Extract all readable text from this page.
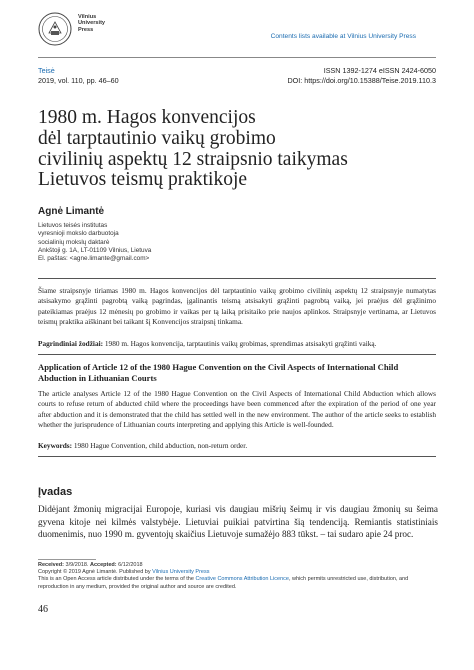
Vilnius
University
Press
Contents lists available at Vilnius University Press
Teisė
2019, vol. 110, pp. 46–60
ISSN 1392-1274 eISSN 2424-6050
DOI: https://doi.org/10.15388/Teise.2019.110.3
1980 m. Hagos konvencijos
dėl tarptautinio vaikų grobimo
civilinių aspektų 12 straipsnio taikymas
Lietuvos teismų praktikoje
Agnė Limantė
Lietuvos teisės institutas
vyresnioji mokslo darbuotoja
socialinių mokslų daktarė
Ankštoji g. 1A, LT-01109 Vilnius, Lietuva
El. paštas: <agne.limante@gmail.com>
Šiame straipsnyje tiriamas 1980 m. Hagos konvencijos dėl tarptautinio vaikų grobimo civilinių aspektų 12 straipsnyje numatytas atsisakymo grąžinti pagrobtą vaiką pagrindas, įgalinantis teismą atsisakyti grąžinti pagrobtą vaiką, jei praėjus dėl grąžinimo pateikiamas praėjus 12 mėnesių po grobimo ir vaikas per tą laiką prisitaiko prie naujos aplinkos. Straipsnyje vertinama, ar Lietuvos teismų praktika aiškinant bei taikant šį Konvencijos straipsnį tinkama.
Pagrindiniai žodžiai: 1980 m. Hagos konvencija, tarptautinis vaikų grobimas, sprendimas atsisakyti grąžinti vaiką.
Application of Article 12 of the 1980 Hague Convention on the Civil Aspects of International Child Abduction in Lithuanian Courts
The article analyses Article 12 of the 1980 Hague Convention on the Civil Aspects of International Child Abduction which allows courts to refuse return of abducted child where the proceedings have been commenced after the expiration of the period of one year after abduction and it is demonstrated that the child has settled well in the new environment. The author of the article seeks to establish whether the jurisprudence of Lithuanian courts interpreting and applying this Article is well-founded.
Keywords: 1980 Hague Convention, child abduction, non-return order.
Įvadas
Didėjant žmonių migracijai Europoje, kuriasi vis daugiau mišrių šeimų ir vis daugiau žmonių su šeima gyvena kitoje nei kilmės valstybėje. Lietuviai puikiai patvirtina šią tendenciją. Remiantis statistiniais duomenimis, nuo 1990 m. gyventojų skaičius Lietuvoje sumažėjo 883 tūkst. – tai sudaro apie 24 proc.
Received: 3/9/2018. Accepted: 6/12/2018
Copyright © 2019 Agnė Limantė. Published by Vilnius University Press
This is an Open Access article distributed under the terms of the Creative Commons Attribution Licence, which permits unrestricted use, distribution, and reproduction in any medium, provided the original author and source are credited.
46
